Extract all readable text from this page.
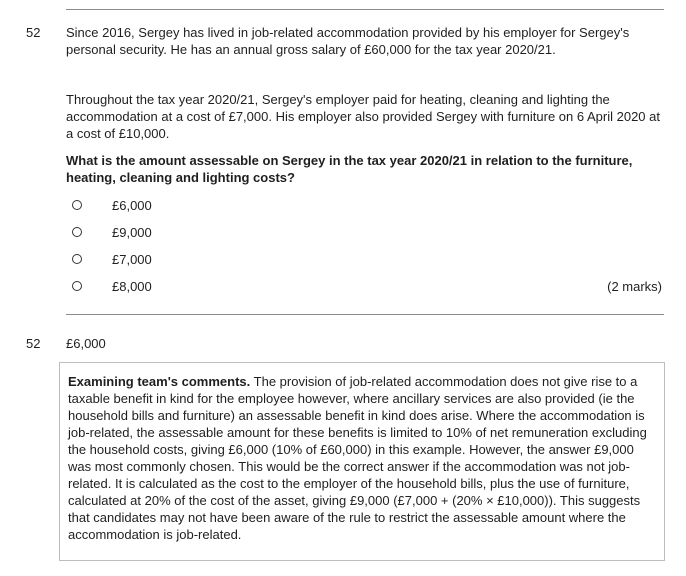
52 Since 2016, Sergey has lived in job-related accommodation provided by his employer for Sergey's personal security. He has an annual gross salary of £60,000 for the tax year 2020/21.

Throughout the tax year 2020/21, Sergey's employer paid for heating, cleaning and lighting the accommodation at a cost of £7,000. His employer also provided Sergey with furniture on 6 April 2020 at a cost of £10,000.

What is the amount assessable on Sergey in the tax year 2020/21 in relation to the furniture, heating, cleaning and lighting costs?

£6,000
£9,000
£7,000
£8,000	(2 marks)
52 £6,000

Examining team's comments. The provision of job-related accommodation does not give rise to a taxable benefit in kind for the employee however, where ancillary services are also provided (ie the household bills and furniture) an assessable benefit in kind does arise. Where the accommodation is job-related, the assessable amount for these benefits is limited to 10% of net remuneration excluding the household costs, giving £6,000 (10% of £60,000) in this example. However, the answer £9,000 was most commonly chosen. This would be the correct answer if the accommodation was not job-related. It is calculated as the cost to the employer of the household bills, plus the use of furniture, calculated at 20% of the cost of the asset, giving £9,000 (£7,000 + (20% × £10,000)). This suggests that candidates may not have been aware of the rule to restrict the assessable amount where the accommodation is job-related.
